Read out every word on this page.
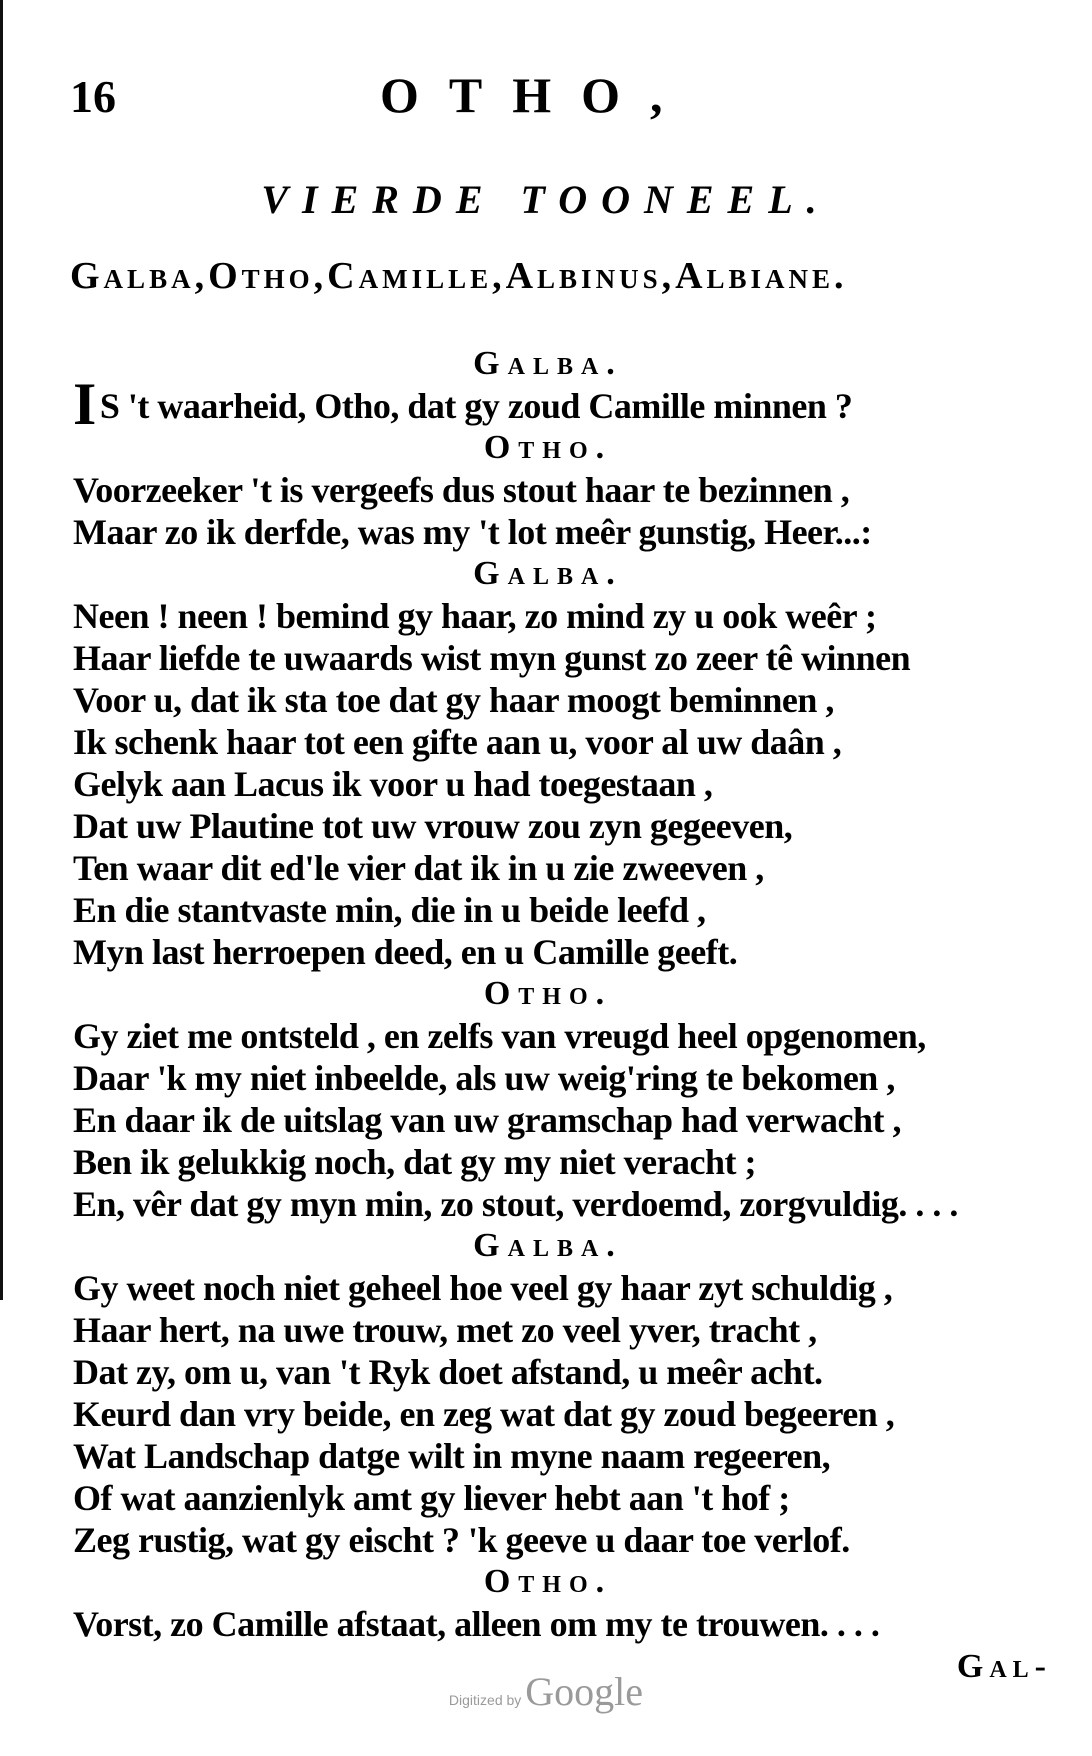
16	OTHO,
VIERDE TOONEEL.
Galba,Otho,Camille,Albinus,Albiane.
Galba.
I S 't waarheid, Otho, dat gy zoud Camille minnen ?
Otho.
Voorzeeker 't is vergeefs dus stout haar te bezinnen ,
Maar zo ik derfde, was my 't lot meêr gunstig, Heer...:
Galba.
Neen ! neen ! bemind gy haar, zo mind zy u ook weêr ;
Haar liefde te uwaards wist myn gunst zo zeer tê winnen
Voor u, dat ik sta toe dat gy haar moogt beminnen ,
Ik schenk haar tot een gifte aan u, voor al uw daân ,
Gelyk aan Lacus ik voor u had toegestaan ,
Dat uw Plautine tot uw vrouw zou zyn gegeeven,
Ten waar dit ed'le vier dat ik in u zie zweeven ,
En die stantvaste min, die in u beide leefd ,
Myn last herroepen deed, en u Camille geeft.
Otho.
Gy ziet me ontsteld , en zelfs van vreugd heel opgenomen,
Daar 'k my niet inbeelde, als uw weig'ring te bekomen ,
En daar ik de uitslag van uw gramschap had verwacht ,
Ben ik gelukkig noch, dat gy my niet veracht ;
En, vêr dat gy myn min, zo stout, verdoemd, zorgvuldig. . . .
Galba.
Gy weet noch niet geheel hoe veel gy haar zyt schuldig ,
Haar hert, na uwe trouw, met zo veel yver, tracht ,
Dat zy, om u, van 't Ryk doet afstand, u meêr acht.
Keurd dan vry beide, en zeg wat dat gy zoud begeeren ,
Wat Landschap datge wilt in myne naam regeeren,
Of wat aanzienlyk amt gy liever hebt aan 't hof ;
Zeg rustig, wat gy eischt ? 'k geeve u daar toe verlof.
Otho.
Vorst, zo Camille afstaat, alleen om my te trouwen. . . .
Gal-
Digitized by Google
